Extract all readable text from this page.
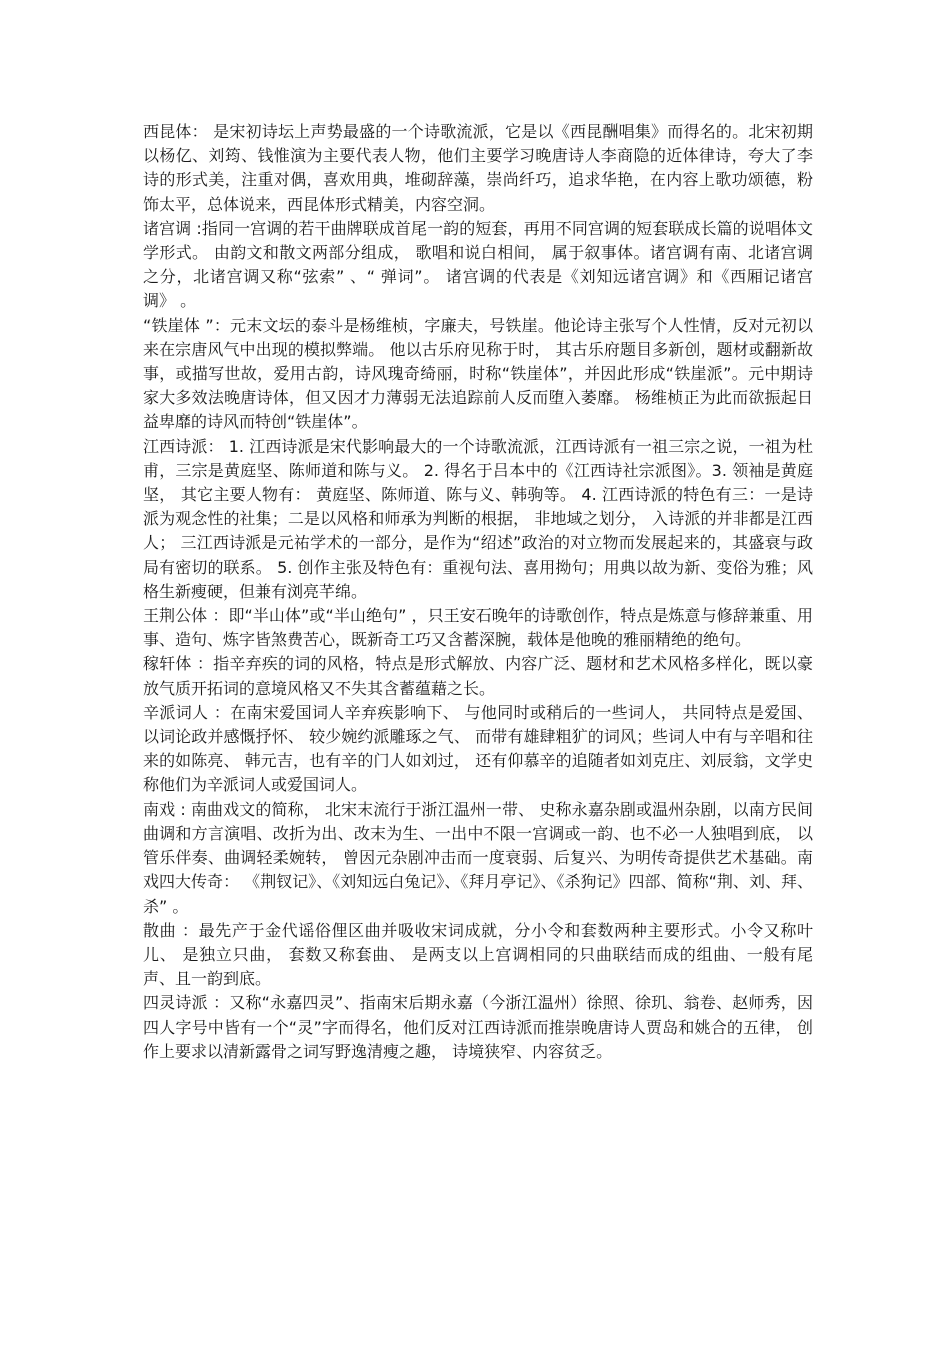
西昆体： 是宋初诗坛上声势最盛的一个诗歌流派，它是以《西昆酬唱集》而得名的。北宋初期以杨亿、刘筠、钱惟演为主要代表人物，他们主要学习晚唐诗人李商隐的近体律诗，夸大了李诗的形式美，注重对偶，喜欢用典，堆砌辞藻，崇尚纤巧，追求华艳，在内容上歌功颂德，粉饰太平，总体说来，西昆体形式精美，内容空洞。

诸宫调 :指同一宫调的若干曲牌联成首尾一韵的短套，再用不同宫调的短套联成长篇的说唱体文学形式。 由韵文和散文两部分组成， 歌唱和说白相间， 属于叙事体。诸宫调有南、北诸宫调之分，北诸宫调又称“弦索” 、“ 弹词”。 诸宫调的代表是《刘知远诸宫调》和《西厢记诸宫调》 。

“铁崖体 ”：元末文坛的泰斗是杨维桢，字廉夫，号铁崖。他论诗主张写个人性情，反对元初以来在宗唐风气中出现的模拟弊端。 他以古乐府见称于时， 其古乐府题目多新创，题材或翻新故事，或描写世故，爱用古韵，诗风瑰奇绮丽，时称“铁崖体”，并因此形成“铁崖派”。元中期诗家大多效法晚唐诗体，但又因才力薄弱无法追踪前人反而堕入萎靡。 杨维桢正为此而欲振起日益卑靡的诗风而特创“铁崖体”。

江西诗派： 1. 江西诗派是宋代影响最大的一个诗歌流派，江西诗派有一祖三宗之说，一祖为杜甫，三宗是黄庭坚、陈师道和陈与义。 2. 得名于吕本中的《江西诗社宗派图》。3. 领袖是黄庭坚， 其它主要人物有： 黄庭坚、陈师道、陈与义、韩驹等。 4. 江西诗派的特色有三：一是诗派为观念性的社集；二是以风格和师承为判断的根据， 非地域之划分， 入诗派的并非都是江西人； 三江西诗派是元祐学术的一部分，是作为“绍述”政治的对立物而发展起来的，其盛衰与政局有密切的联系。 5. 创作主张及特色有：重视句法、喜用拗句；用典以故为新、变俗为雅；风格生新瘦硬，但兼有浏亮芊绵。

王荆公体 ：即“半山体”或“半山绝句” ，只王安石晚年的诗歌创作，特点是炼意与修辞兼重、用事、造句、炼字皆煞费苦心，既新奇工巧又含蓄深腕，载体是他晚的雅丽精绝的绝句。

稼轩体 ：指辛弃疾的词的风格，特点是形式解放、内容广泛、题材和艺术风格多样化，既以豪放气质开拓词的意境风格又不失其含蓄蕴藉之长。

辛派词人 ：在南宋爱国词人辛弃疾影响下、 与他同时或稍后的一些词人， 共同特点是爱国、以词论政并感慨抒怀、 较少婉约派雕琢之气、 而带有雄肆粗犷的词风；些词人中有与辛唱和往来的如陈亮、 韩元吉，也有辛的门人如刘过， 还有仰慕辛的追随者如刘克庄、刘辰翁，文学史称他们为辛派词人或爱国词人。

南戏 : 南曲戏文的简称， 北宋末流行于浙江温州一带、 史称永嘉杂剧或温州杂剧，以南方民间曲调和方言演唱、改折为出、改末为生、一出中不限一宫调或一韵、也不必一人独唱到底， 以管乐伴奏、曲调轻柔婉转， 曾因元杂剧冲击而一度衰弱、后复兴、为明传奇提供艺术基础。南戏四大传奇： 《荆钗记》、《刘知远白兔记》、《拜月亭记》、《杀狗记》四部、简称“荆、刘、拜、杀” 。

散曲 ：最先产于金代谣俗俚区曲并吸收宋词成就，分小令和套数两种主要形式。小令又称叶儿、 是独立只曲， 套数又称套曲、 是两支以上宫调相同的只曲联结而成的组曲、一般有尾声、且一韵到底。

四灵诗派 ：又称“永嘉四灵”、指南宋后期永嘉（今浙江温州）徐照、徐玑、翁卷、赵师秀，因四人字号中皆有一个“灵”字而得名，他们反对江西诗派而推崇晚唐诗人贾岛和姚合的五律， 创作上要求以清新露骨之词写野逸清瘦之趣， 诗境狭窄、内容贫乏。
